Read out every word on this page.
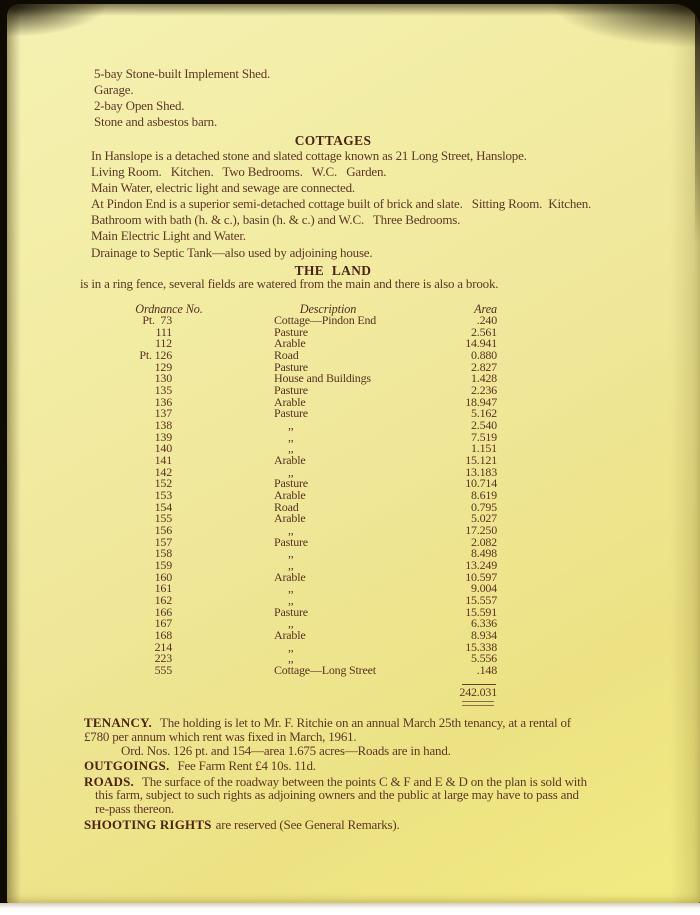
5-bay Stone-built Implement Shed.
Garage.
2-bay Open Shed.
Stone and asbestos barn.
COTTAGES
In Hanslope is a detached stone and slated cottage known as 21 Long Street, Hanslope.
Living Room.   Kitchen.   Two Bedrooms.   W.C.   Garden.
Main Water, electric light and sewage are connected.
At Pindon End is a superior semi-detached cottage built of brick and slate.   Sitting Room.  Kitchen.
Bathroom with bath (h. & c.), basin (h. & c.) and W.C.   Three Bedrooms.
Main Electric Light and Water.
Drainage to Septic Tank—also used by adjoining house.
THE LAND
is in a ring fence, several fields are watered from the main and there is also a brook.
Ordnance No.	Description	Area
Pt.  73	Cottage—Pindon End	.240
111	Pasture	2.561
112	Arable	14.941
Pt. 126	Road	0.880
129	Pasture	2.827
130	House and Buildings	1.428
135	Pasture	2.236
136	Arable	18.947
137	Pasture	5.162
138	,,	2.540
139	,,	7.519
140	,,	1.151
141	Arable	15.121
142	,,	13.183
152	Pasture	10.714
153	Arable	8.619
154	Road	0.795
155	Arable	5.027
156	,,	17.250
157	Pasture	2.082
158	,,	8.498
159	,,	13.249
160	Arable	10.597
161	,,	9.004
162	,,	15.557
166	Pasture	15.591
167	,,	6.336
168	Arable	8.934
214	,,	15.338
223	,,	5.556
555	Cottage—Long Street	.148
242.031
TENANCY. The holding is let to Mr. F. Ritchie on an annual March 25th tenancy, at a rental of
£780 per annum which rent was fixed in March, 1961.
Ord. Nos. 126 pt. and 154—area 1.675 acres—Roads are in hand.
OUTGOINGS. Fee Farm Rent £4 10s. 11d.
ROADS. The surface of the roadway between the points C & F and E & D on the plan is sold with
this farm, subject to such rights as adjoining owners and the public at large may have to pass and
re-pass thereon.
SHOOTING RIGHTS are reserved (See General Remarks).
